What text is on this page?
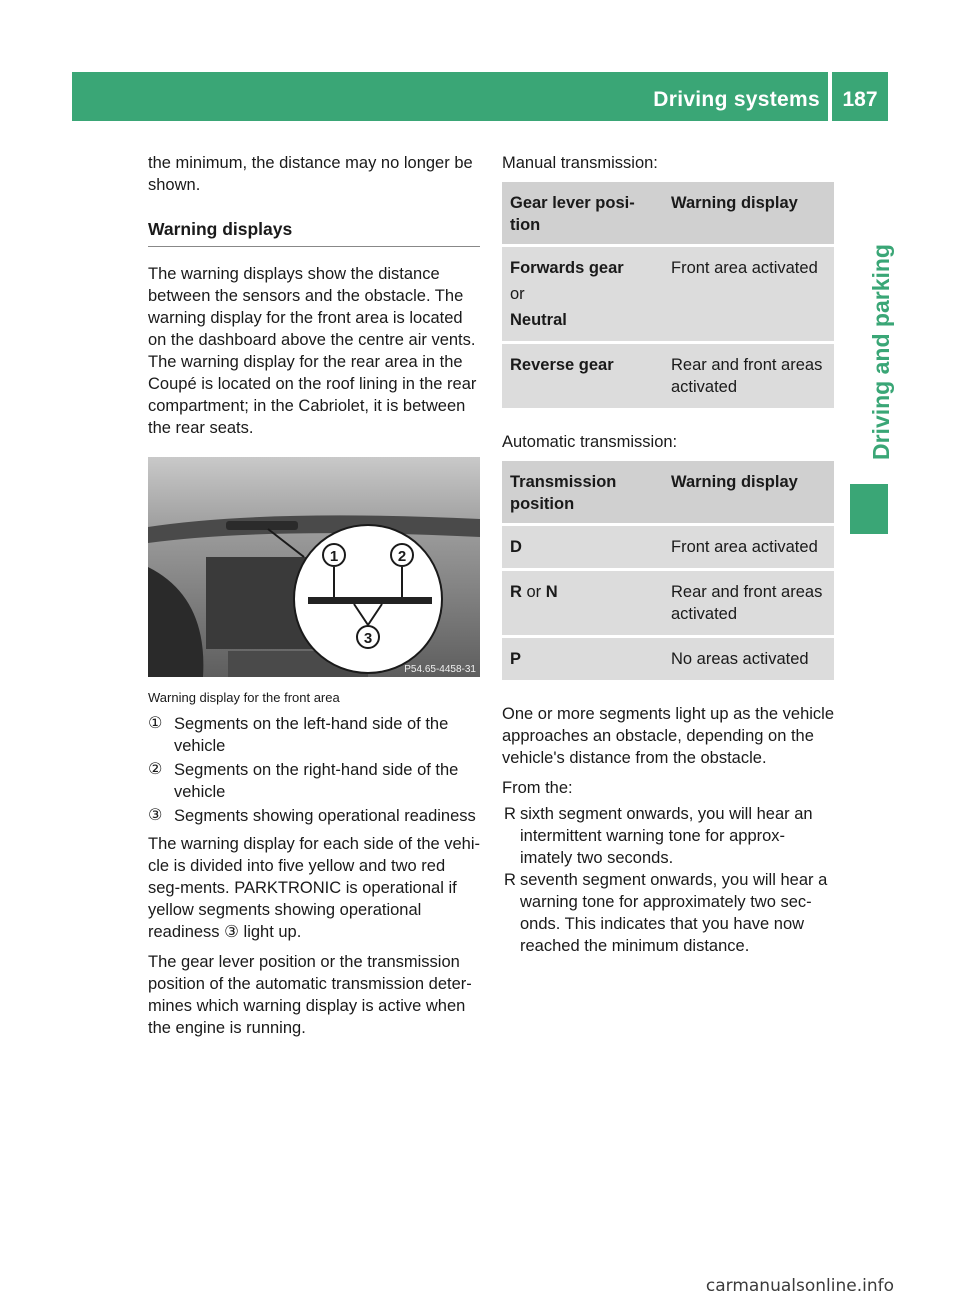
Driving systems	187
Driving and parking

the minimum, the distance may no longer be shown.

Warning displays

The warning displays show the distance between the sensors and the obstacle. The warning display for the front area is located on the dashboard above the centre air vents. The warning display for the rear area in the Coupé is located on the roof lining in the rear compartment; in the Cabriolet, it is between the rear seats.

1	2
3
P54.65-4458-31
Warning display for the front area
① Segments on the left-hand side of the vehicle
② Segments on the right-hand side of the vehicle
③ Segments showing operational readiness

The warning display for each side of the vehi-cle is divided into five yellow and two red seg-ments. PARKTRONIC is operational if yellow segments showing operational readiness ③ light up.

The gear lever position or the transmission position of the automatic transmission deter-mines which warning display is active when the engine is running.

Manual transmission:

Gear lever posi-tion	Warning display
Forwards gear
or
Neutral	Front area activated
Reverse gear	Rear and front areas activated

Automatic transmission:

Transmission position	Warning display
D	Front area activated
R or N	Rear and front areas activated
P	No areas activated

One or more segments light up as the vehicle approaches an obstacle, depending on the vehicle's distance from the obstacle.

From the:

R sixth segment onwards, you will hear an intermittent warning tone for approx-imately two seconds.
R seventh segment onwards, you will hear a warning tone for approximately two sec-onds. This indicates that you have now reached the minimum distance.
carmanualsonline.info
